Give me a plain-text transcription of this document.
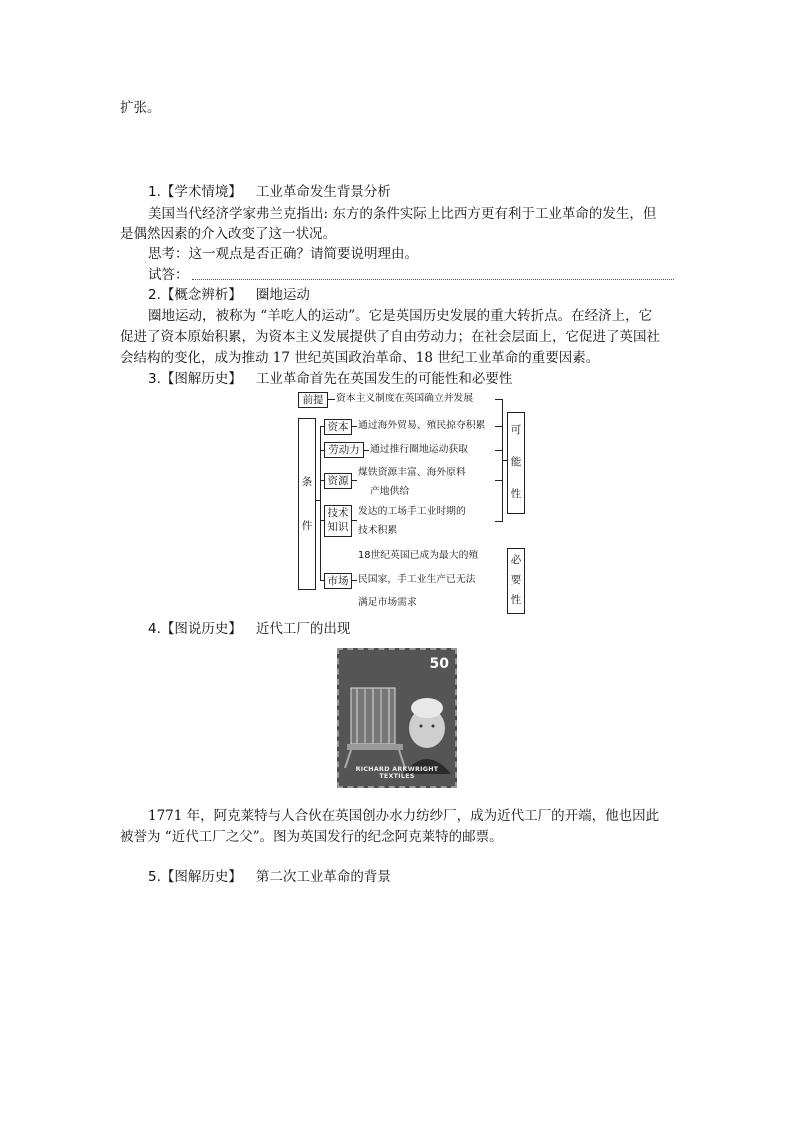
扩张。
1.【学术情境】 工业革命发生背景分析
美国当代经济学家弗兰克指出: 东方的条件实际上比西方更有利于工业革命的发生，但
是偶然因素的介入改变了这一状况。
思考：这一观点是否正确？请简要说明理由。
试答：
2.【概念辨析】 圈地运动
圈地运动，被称为 “羊吃人的运动”。它是英国历史发展的重大转折点。在经济上，它
促进了资本原始积累，为资本主义发展提供了自由劳动力；在社会层面上，它促进了英国社
会结构的变化，成为推动 17 世纪英国政治革命、18 世纪工业革命的重要因素。
3.【图解历史】 工业革命首先在英国发生的可能性和必要性
前提	资本主义制度在英国确立并发展
条
件
资本 通过海外贸易、殖民掠夺积累
劳动力	通过推行圈地运动获取
资源
煤铁资源丰富、海外原料
产地供给
技术
知识
发达的工场手工业时期的
技术积累
市场
18世纪英国已成为最大的殖
民国家，手工业生产已无法
满足市场需求
可
能
性
必
要
性
4.【图说历史】 近代工厂的出现
50
RICHARD ARKWRIGHT TEXTILES
1771 年，阿克莱特与人合伙在英国创办水力纺纱厂，成为近代工厂的开端，他也因此
被誉为 “近代工厂之父”。图为英国发行的纪念阿克莱特的邮票。
5.【图解历史】 第二次工业革命的背景
